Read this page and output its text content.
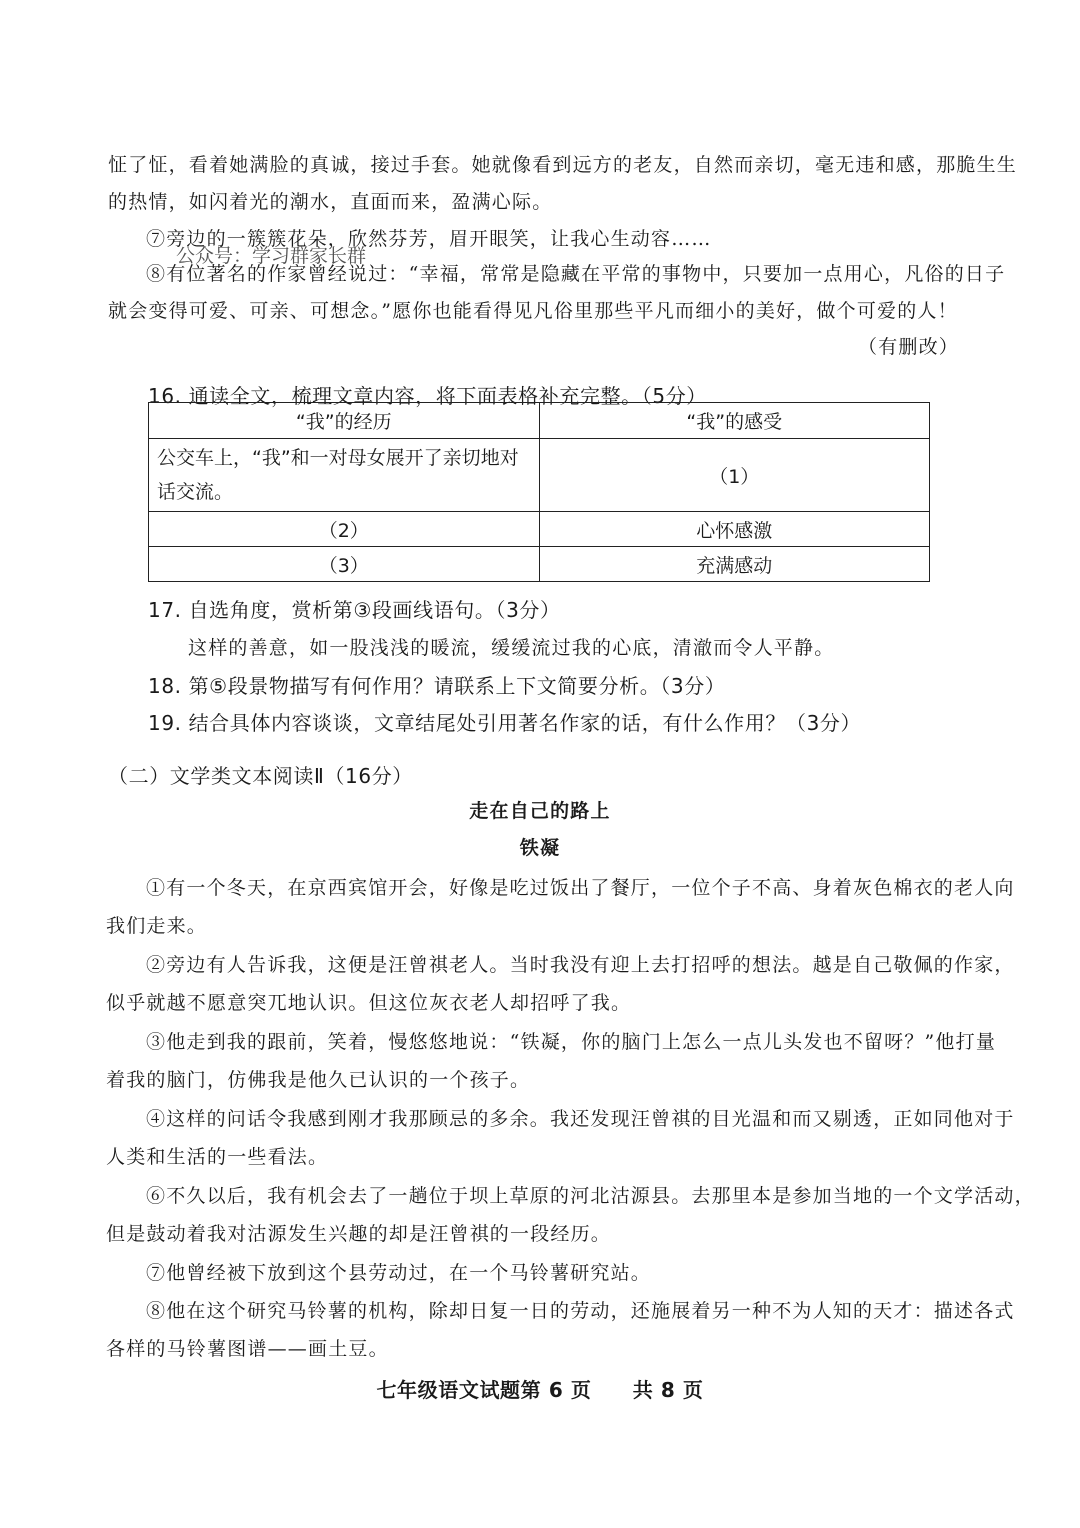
怔了怔，看着她满脸的真诚，接过手套。她就像看到远方的老友，自然而亲切，毫无违和感，那脆生生
的热情，如闪着光的潮水，直面而来，盈满心际。
⑦旁边的一簇簇花朵，欣然芬芳，眉开眼笑，让我心生动容……
公众号：学习群家长群
⑧有位著名的作家曾经说过：“幸福，常常是隐藏在平常的事物中，只要加一点用心，凡俗的日子
就会变得可爱、可亲、可想念。”愿你也能看得见凡俗里那些平凡而细小的美好，做个可爱的人！
（有删改）
16. 通读全文，梳理文章内容，将下面表格补充完整。（5分）
“我”的经历	“我”的感受

公交车上，“我”和一对母女展开了亲切地对
话交流。	（1）
（2）	心怀感激
（3）	充满感动
17. 自选角度，赏析第③段画线语句。（3分）
这样的善意，如一股浅浅的暖流，缓缓流过我的心底，清澈而令人平静。
18. 第⑤段景物描写有何作用？请联系上下文简要分析。（3分）
19. 结合具体内容谈谈，文章结尾处引用著名作家的话，有什么作用？（3分）
（二）文学类文本阅读Ⅱ（16分）
走在自己的路上
铁凝
①有一个冬天，在京西宾馆开会，好像是吃过饭出了餐厅，一位个子不高、身着灰色棉衣的老人向
我们走来。
②旁边有人告诉我，这便是汪曾祺老人。当时我没有迎上去打招呼的想法。越是自己敬佩的作家，
似乎就越不愿意突兀地认识。但这位灰衣老人却招呼了我。
③他走到我的跟前，笑着，慢悠悠地说：“铁凝，你的脑门上怎么一点儿头发也不留呀？”他打量
着我的脑门，仿佛我是他久已认识的一个孩子。
④这样的问话令我感到刚才我那顾忌的多余。我还发现汪曾祺的目光温和而又剔透，正如同他对于
人类和生活的一些看法。
⑥不久以后，我有机会去了一趟位于坝上草原的河北沽源县。去那里本是参加当地的一个文学活动，
但是鼓动着我对沽源发生兴趣的却是汪曾祺的一段经历。
⑦他曾经被下放到这个县劳动过，在一个马铃薯研究站。
⑧他在这个研究马铃薯的机构，除却日复一日的劳动，还施展着另一种不为人知的天才：描述各式
各样的马铃薯图谱——画土豆。
七年级语文试题第 6 页　　共 8 页
